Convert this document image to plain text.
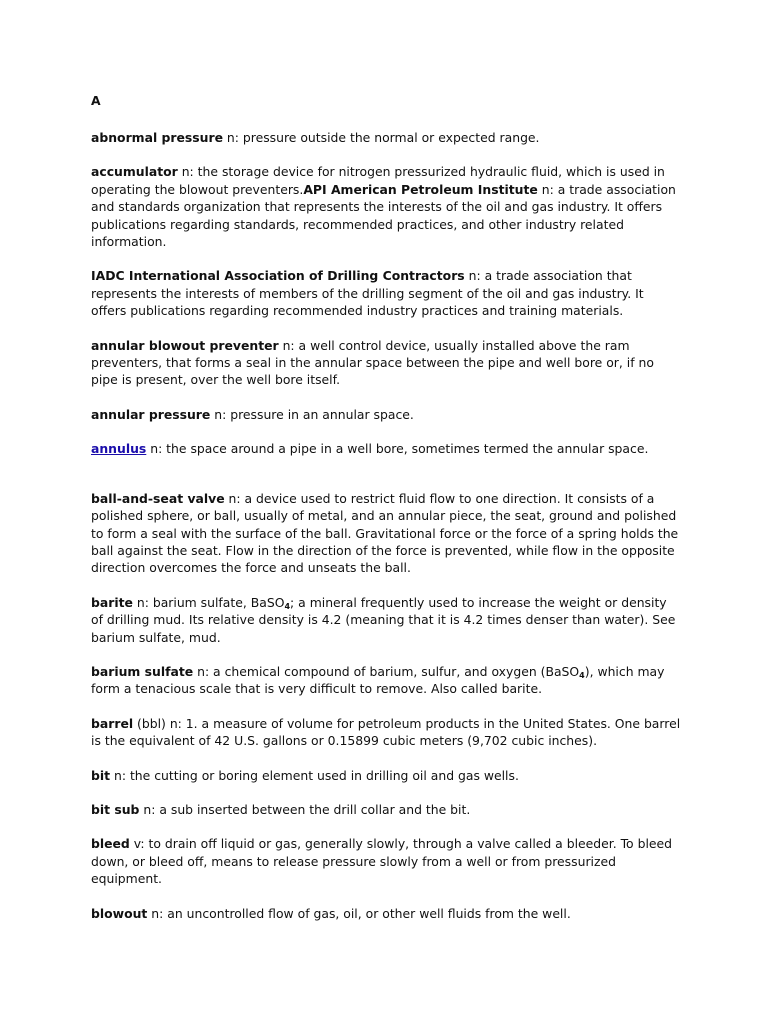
A

abnormal pressure n: pressure outside the normal or expected range.

accumulator n: the storage device for nitrogen pressurized hydraulic fluid, which is used in operating the blowout preventers.API American Petroleum Institute n: a trade association and standards organization that represents the interests of the oil and gas industry. It offers publications regarding standards, recommended practices, and other industry related information.

IADC International Association of Drilling Contractors n: a trade association that represents the interests of members of the drilling segment of the oil and gas industry. It offers publications regarding recommended industry practices and training materials.

annular blowout preventer n: a well control device, usually installed above the ram preventers, that forms a seal in the annular space between the pipe and well bore or, if no pipe is present, over the well bore itself.

annular pressure n: pressure in an annular space.

annulus n: the space around a pipe in a well bore, sometimes termed the annular space.

ball-and-seat valve n: a device used to restrict fluid flow to one direction. It consists of a polished sphere, or ball, usually of metal, and an annular piece, the seat, ground and polished to form a seal with the surface of the ball. Gravitational force or the force of a spring holds the ball against the seat. Flow in the direction of the force is prevented, while flow in the opposite direction overcomes the force and unseats the ball.

barite n: barium sulfate, BaSO$_4$; a mineral frequently used to increase the weight or density of drilling mud. Its relative density is 4.2 (meaning that it is 4.2 times denser than water). See barium sulfate, mud.

barium sulfate n: a chemical compound of barium, sulfur, and oxygen (BaSO$_4$), which may form a tenacious scale that is very difficult to remove. Also called barite.

barrel (bbl) n: 1. a measure of volume for petroleum products in the United States. One barrel is the equivalent of 42 U.S. gallons or 0.15899 cubic meters (9,702 cubic inches).

bit n: the cutting or boring element used in drilling oil and gas wells.

bit sub n: a sub inserted between the drill collar and the bit.

bleed v: to drain off liquid or gas, generally slowly, through a valve called a bleeder. To bleed down, or bleed off, means to release pressure slowly from a well or from pressurized equipment.

blowout n: an uncontrolled flow of gas, oil, or other well fluids from the well.
